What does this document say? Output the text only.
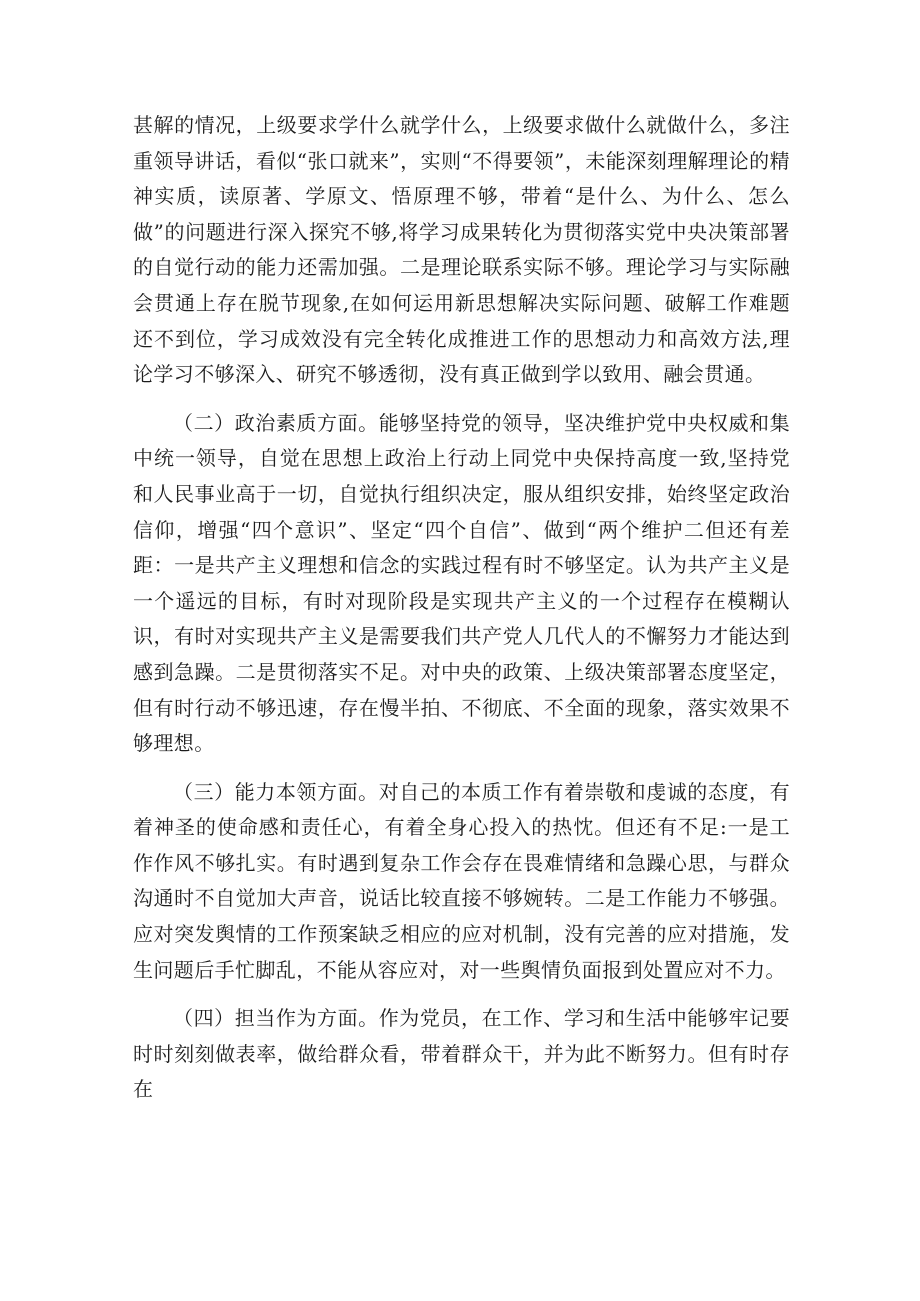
甚解的情况，上级要求学什么就学什么，上级要求做什么就做什么，多注重领导讲话，看似“张口就来”，实则“不得要领”，未能深刻理解理论的精神实质，读原著、学原文、悟原理不够，带着“是什么、为什么、怎么做”的问题进行深入探究不够,将学习成果转化为贯彻落实党中央决策部署的自觉行动的能力还需加强。二是理论联系实际不够。理论学习与实际融会贯通上存在脱节现象,在如何运用新思想解决实际问题、破解工作难题还不到位，学习成效没有完全转化成推进工作的思想动力和高效方法,理论学习不够深入、研究不够透彻，没有真正做到学以致用、融会贯通。

（二）政治素质方面。能够坚持党的领导，坚决维护党中央权威和集中统一领导，自觉在思想上政治上行动上同党中央保持高度一致,坚持党和人民事业高于一切，自觉执行组织决定，服从组织安排，始终坚定政治信仰，增强“四个意识”、坚定“四个自信”、做到“两个维护二但还有差距：一是共产主义理想和信念的实践过程有时不够坚定。认为共产主义是一个遥远的目标，有时对现阶段是实现共产主义的一个过程存在模糊认识，有时对实现共产主义是需要我们共产党人几代人的不懈努力才能达到感到急躁。二是贯彻落实不足。对中央的政策、上级决策部署态度坚定，但有时行动不够迅速，存在慢半拍、不彻底、不全面的现象，落实效果不够理想。

（三）能力本领方面。对自己的本质工作有着崇敬和虔诚的态度，有着神圣的使命感和责任心，有着全身心投入的热忱。但还有不足:一是工作作风不够扎实。有时遇到复杂工作会存在畏难情绪和急躁心思，与群众沟通时不自觉加大声音，说话比较直接不够婉转。二是工作能力不够强。应对突发舆情的工作预案缺乏相应的应对机制，没有完善的应对措施，发生问题后手忙脚乱，不能从容应对，对一些舆情负面报到处置应对不力。

（四）担当作为方面。作为党员，在工作、学习和生活中能够牢记要时时刻刻做表率，做给群众看，带着群众干，并为此不断努力。但有时存在
